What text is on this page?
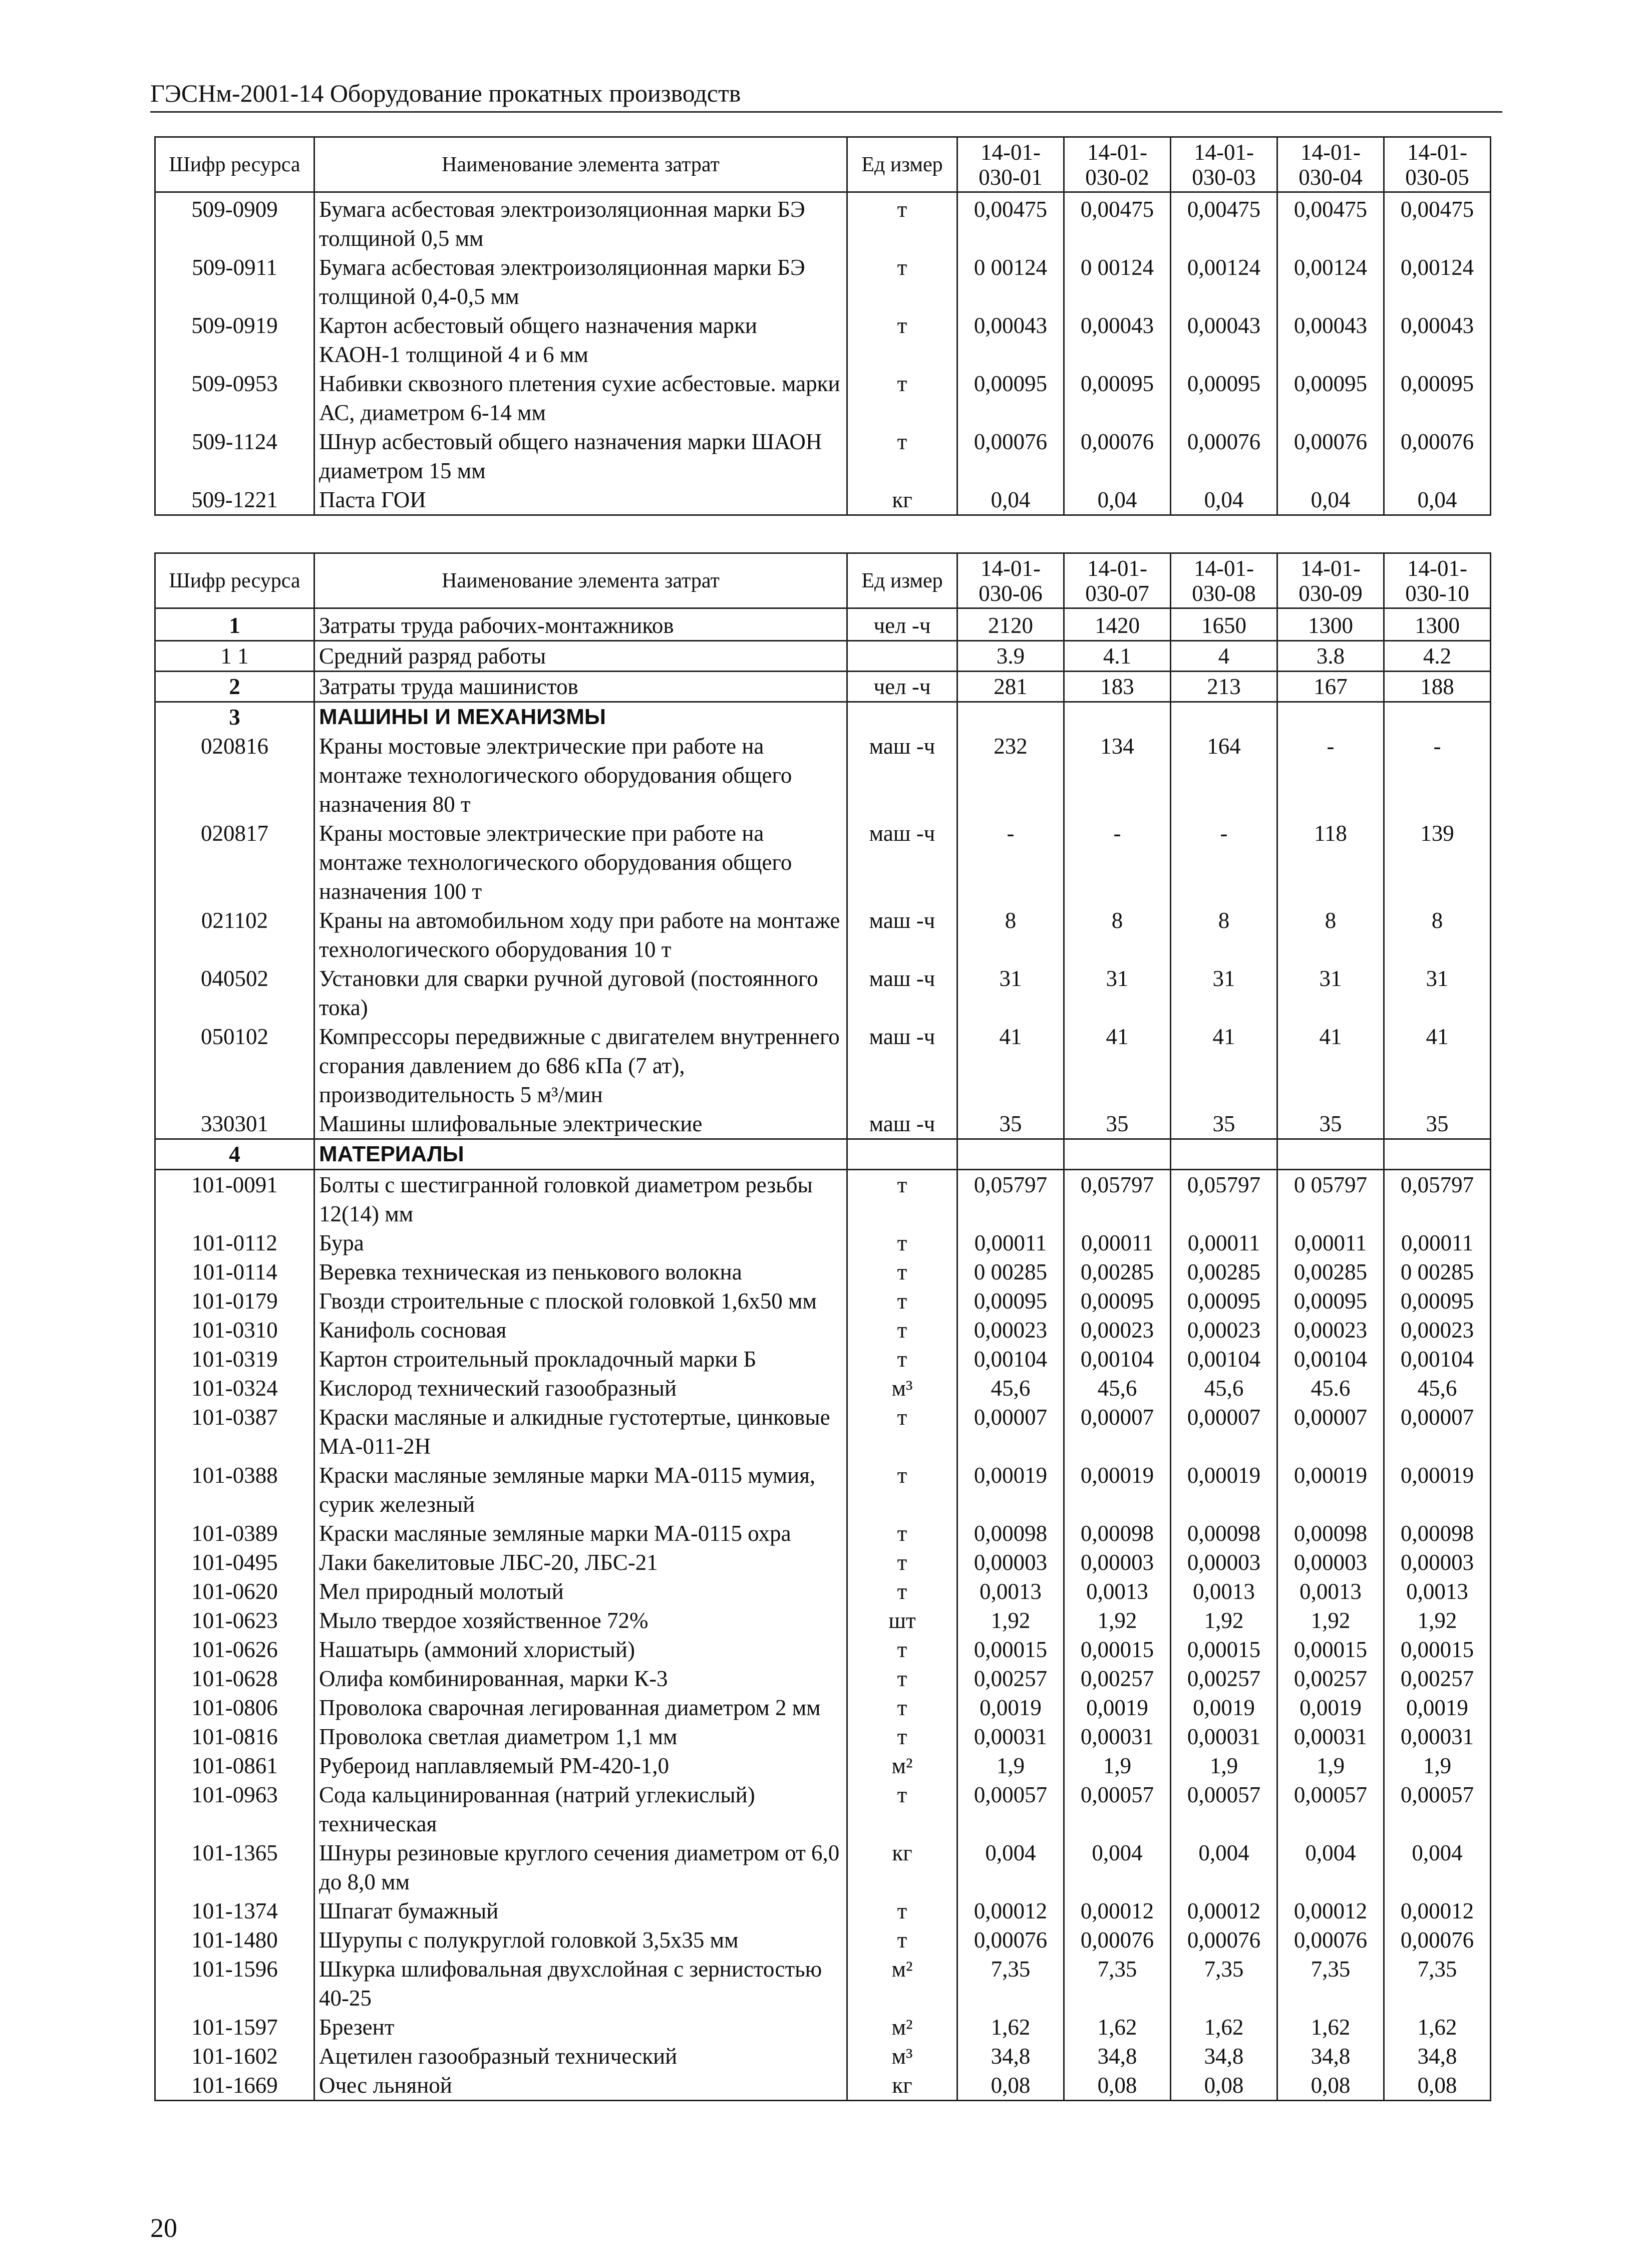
ГЭСНм-2001-14 Оборудование прокатных производств
Шифр ресурса	Наименование элемента затрат	Ед измер	14-01-030-01	14-01-030-02	14-01-030-03	14-01-030-04	14-01-030-05
509-0909	Бумага асбестовая электроизоляционная марки БЭ толщиной 0,5 мм	т	0,00475	0,00475	0,00475	0,00475	0,00475
509-0911	Бумага асбестовая электроизоляционная марки БЭ толщиной 0,4-0,5 мм	т	0 00124	0 00124	0,00124	0,00124	0,00124
509-0919	Картон асбестовый общего назначения марки КАОН-1 толщиной 4 и 6 мм	т	0,00043	0,00043	0,00043	0,00043	0,00043
509-0953	Набивки сквозного плетения сухие асбестовые. марки АС, диаметром 6-14 мм	т	0,00095	0,00095	0,00095	0,00095	0,00095
509-1124	Шнур асбестовый общего назначения марки ШАОН диаметром 15 мм	т	0,00076	0,00076	0,00076	0,00076	0,00076
509-1221	Паста ГОИ	кг	0,04	0,04	0,04	0,04	0,04
Шифр ресурса	Наименование элемента затрат	Ед измер	14-01-030-06	14-01-030-07	14-01-030-08	14-01-030-09	14-01-030-10
1	Затраты труда рабочих-монтажников	чел -ч	2120	1420	1650	1300	1300
1 1	Средний разряд работы		3.9	4.1	4	3.8	4.2
2	Затраты труда машинистов	чел -ч	281	183	213	167	188
3	МАШИНЫ И МЕХАНИЗМЫ						
020816	Краны мостовые электрические при работе на монтаже технологического оборудования общего назначения 80 т	маш -ч	232	134	164	-	-
020817	Краны мостовые электрические при работе на монтаже технологического оборудования общего назначения 100 т	маш -ч	-	-	-	118	139
021102	Краны на автомобильном ходу при работе на монтаже технологического оборудования 10 т	маш -ч	8	8	8	8	8
040502	Установки для сварки ручной дуговой (постоянного тока)	маш -ч	31	31	31	31	31
050102	Компрессоры передвижные с двигателем внутреннего сгорания давлением до 686 кПа (7 ат), производительность 5 м³/мин	маш -ч	41	41	41	41	41
330301	Машины шлифовальные электрические	маш -ч	35	35	35	35	35
4	МАТЕРИАЛЫ						
101-0091	Болты с шестигранной головкой диаметром резьбы 12(14) мм	т	0,05797	0,05797	0,05797	0 05797	0,05797
101-0112	Бура	т	0,00011	0,00011	0,00011	0,00011	0,00011
101-0114	Веревка техническая из пенькового волокна	т	0 00285	0,00285	0,00285	0,00285	0 00285
101-0179	Гвозди строительные с плоской головкой 1,6х50 мм	т	0,00095	0,00095	0,00095	0,00095	0,00095
101-0310	Канифоль сосновая	т	0,00023	0,00023	0,00023	0,00023	0,00023
101-0319	Картон строительный прокладочный марки Б	т	0,00104	0,00104	0,00104	0,00104	0,00104
101-0324	Кислород технический газообразный	м³	45,6	45,6	45,6	45.6	45,6
101-0387	Краски масляные и алкидные густотертые, цинковые МА-011-2Н	т	0,00007	0,00007	0,00007	0,00007	0,00007
101-0388	Краски масляные земляные марки МА-0115 мумия, сурик железный	т	0,00019	0,00019	0,00019	0,00019	0,00019
101-0389	Краски масляные земляные марки МА-0115 охра	т	0,00098	0,00098	0,00098	0,00098	0,00098
101-0495	Лаки бакелитовые ЛБС-20, ЛБС-21	т	0,00003	0,00003	0,00003	0,00003	0,00003
101-0620	Мел природный молотый	т	0,0013	0,0013	0,0013	0,0013	0,0013
101-0623	Мыло твердое хозяйственное 72%	шт	1,92	1,92	1,92	1,92	1,92
101-0626	Нашатырь (аммоний хлористый)	т	0,00015	0,00015	0,00015	0,00015	0,00015
101-0628	Олифа комбинированная, марки К-3	т	0,00257	0,00257	0,00257	0,00257	0,00257
101-0806	Проволока сварочная легированная диаметром 2 мм	т	0,0019	0,0019	0,0019	0,0019	0,0019
101-0816	Проволока светлая диаметром 1,1 мм	т	0,00031	0,00031	0,00031	0,00031	0,00031
101-0861	Рубероид наплавляемый РМ-420-1,0	м²	1,9	1,9	1,9	1,9	1,9
101-0963	Сода кальцинированная (натрий углекислый) техническая	т	0,00057	0,00057	0,00057	0,00057	0,00057
101-1365	Шнуры резиновые круглого сечения диаметром от 6,0 до 8,0 мм	кг	0,004	0,004	0,004	0,004	0,004
101-1374	Шпагат бумажный	т	0,00012	0,00012	0,00012	0,00012	0,00012
101-1480	Шурупы с полукруглой головкой 3,5х35 мм	т	0,00076	0,00076	0,00076	0,00076	0,00076
101-1596	Шкурка шлифовальная двухслойная с зернистостью 40-25	м²	7,35	7,35	7,35	7,35	7,35
101-1597	Брезент	м²	1,62	1,62	1,62	1,62	1,62
101-1602	Ацетилен газообразный технический	м³	34,8	34,8	34,8	34,8	34,8
101-1669	Очес льняной	кг	0,08	0,08	0,08	0,08	0,08
20
